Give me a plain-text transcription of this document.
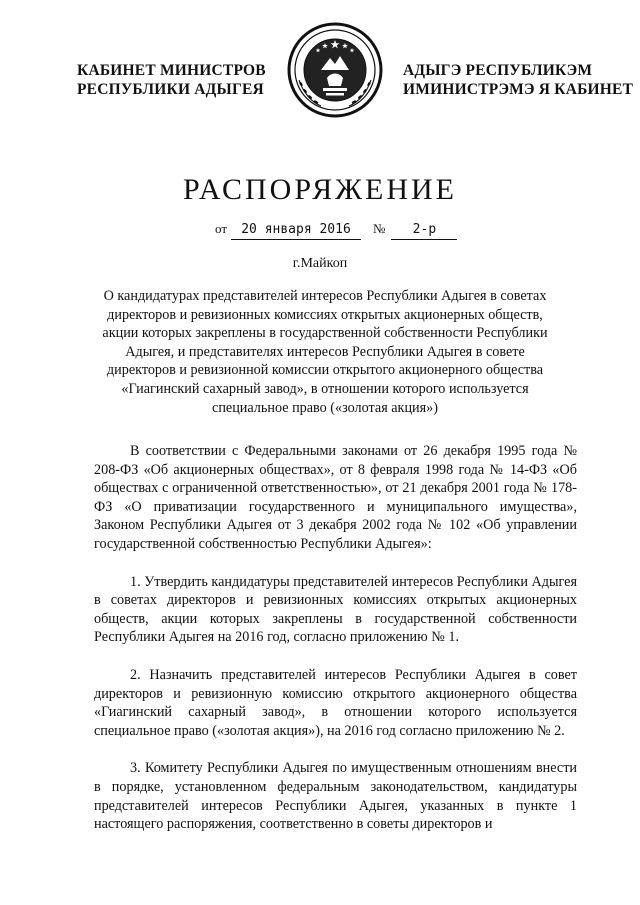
КАБИНЕТ МИНИСТРОВ
РЕСПУБЛИКИ АДЫГЕЯ
АДЫГЭ РЕСПУБЛИКЭМ
ИМИНИСТРЭМЭ Я КАБИНЕТ
РАСПОРЯЖЕНИЕ
от 20 января 2016 № 2-р
г.Майкоп
О кандидатурах представителей интересов Республики Адыгея в советах директоров и ревизионных комиссиях открытых акционерных обществ, акции которых закреплены в государственной собственности Республики Адыгея, и представителях интересов Республики Адыгея в совете директоров и ревизионной комиссии открытого акционерного общества «Гиагинский сахарный завод», в отношении которого используется специальное право («золотая акция»)

В соответствии с Федеральными законами от 26 декабря 1995 года № 208-ФЗ «Об акционерных обществах», от 8 февраля 1998 года № 14-ФЗ «Об обществах с ограниченной ответственностью», от 21 декабря 2001 года № 178-ФЗ «О приватизации государственного и муниципального имущества», Законом Республики Адыгея от 3 декабря 2002 года № 102 «Об управлении государственной собственностью Республики Адыгея»:

1. Утвердить кандидатуры представителей интересов Республики Адыгея в советах директоров и ревизионных комиссиях открытых акционерных обществ, акции которых закреплены в государственной собственности Республики Адыгея на 2016 год, согласно приложению № 1.

2. Назначить представителей интересов Республики Адыгея в совет директоров и ревизионную комиссию открытого акционерного общества «Гиагинский сахарный завод», в отношении которого используется специальное право («золотая акция»), на 2016 год согласно приложению № 2.

3. Комитету Республики Адыгея по имущественным отношениям внести в порядке, установленном федеральным законодательством, кандидатуры представителей интересов Республики Адыгея, указанных в пункте 1 настоящего распоряжения, соответственно в советы директоров и
